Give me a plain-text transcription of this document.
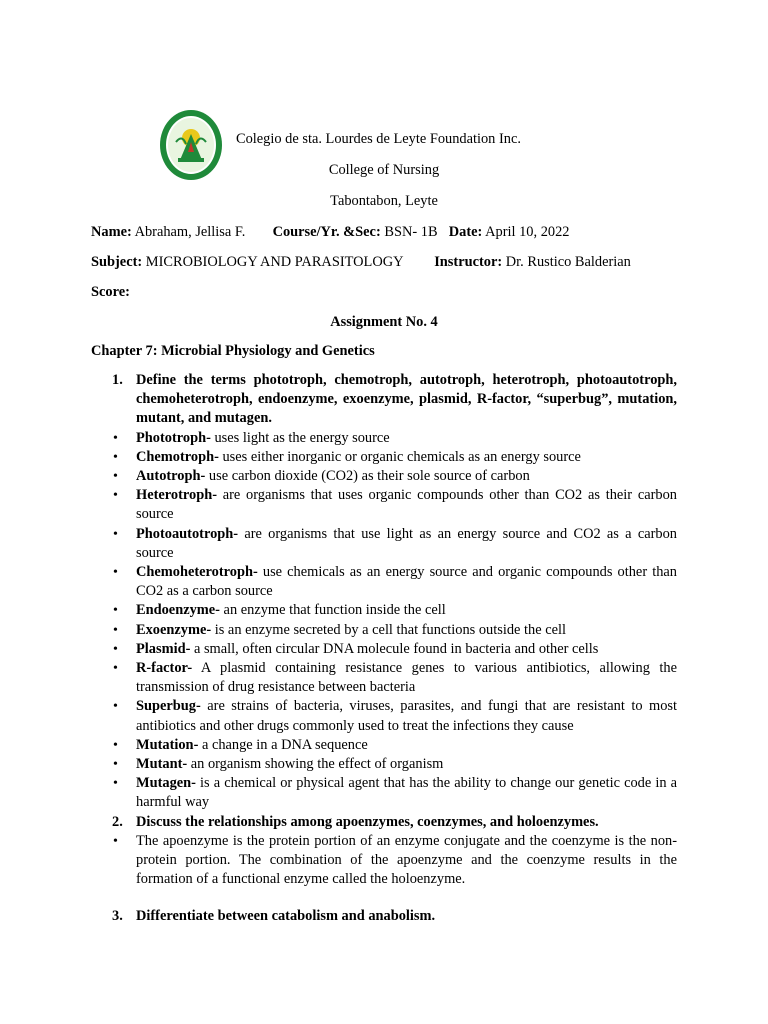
Colegio de sta. Lourdes de Leyte Foundation Inc.
College of Nursing
Tabontabon, Leyte
Name: Abraham, Jellisa F. Course/Yr. &Sec: BSN- 1B Date: April 10, 2022
Subject: MICROBIOLOGY AND PARASITOLOGY Instructor: Dr. Rustico Balderian
Score:
Assignment No. 4
Chapter 7: Microbial Physiology and Genetics
1. Define the terms phototroph, chemotroph, autotroph, heterotroph, photoautotroph, chemoheterotroph, endoenzyme, exoenzyme, plasmid, R-factor, “superbug”, mutation, mutant, and mutagen.
• Phototroph- uses light as the energy source
• Chemotroph- uses either inorganic or organic chemicals as an energy source
• Autotroph- use carbon dioxide (CO2) as their sole source of carbon
• Heterotroph- are organisms that uses organic compounds other than CO2 as their carbon source
• Photoautotroph- are organisms that use light as an energy source and CO2 as a carbon source
• Chemoheterotroph- use chemicals as an energy source and organic compounds other than CO2 as a carbon source
• Endoenzyme- an enzyme that function inside the cell
• Exoenzyme- is an enzyme secreted by a cell that functions outside the cell
• Plasmid- a small, often circular DNA molecule found in bacteria and other cells
• R-factor- A plasmid containing resistance genes to various antibiotics, allowing the transmission of drug resistance between bacteria
• Superbug- are strains of bacteria, viruses, parasites, and fungi that are resistant to most antibiotics and other drugs commonly used to treat the infections they cause
• Mutation- a change in a DNA sequence
• Mutant- an organism showing the effect of organism
• Mutagen- is a chemical or physical agent that has the ability to change our genetic code in a harmful way
2. Discuss the relationships among apoenzymes, coenzymes, and holoenzymes.
• The apoenzyme is the protein portion of an enzyme conjugate and the coenzyme is the non-protein portion. The combination of the apoenzyme and the coenzyme results in the formation of a functional enzyme called the holoenzyme.
3. Differentiate between catabolism and anabolism.
